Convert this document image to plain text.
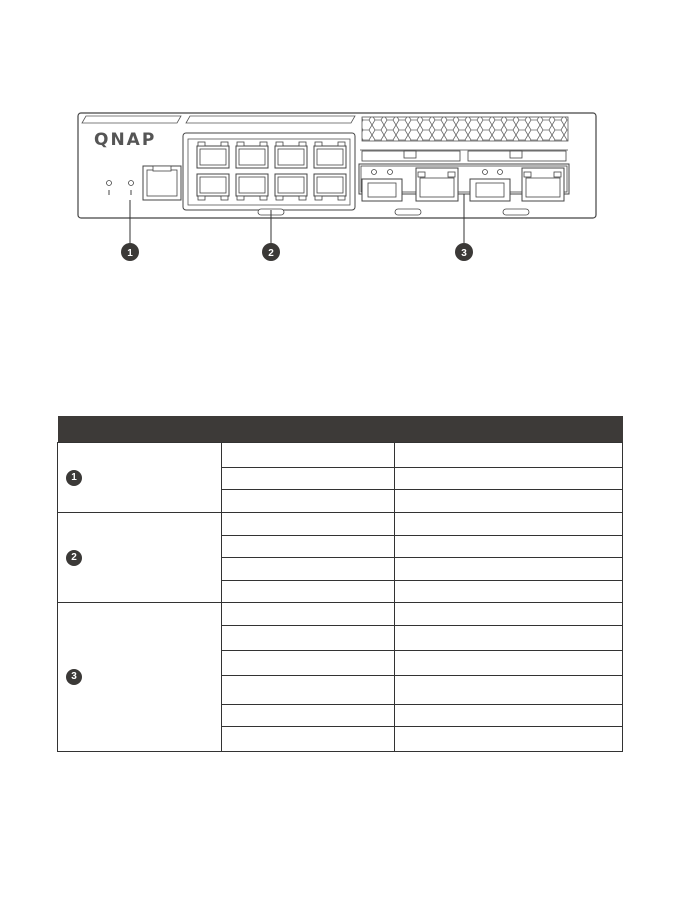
QNAP
1	2	3

1		

2		

3		
